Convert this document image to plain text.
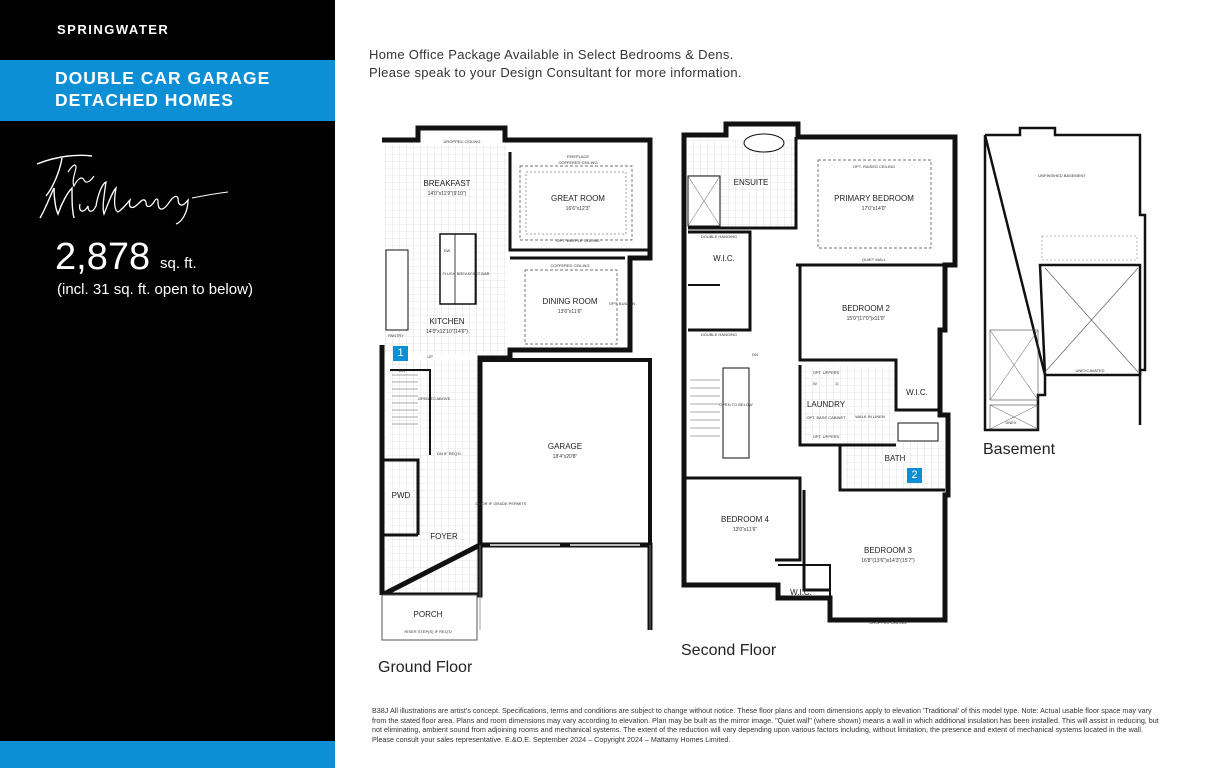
SPRINGWATER
DOUBLE CAR GARAGE
DETACHED HOMES
2,878 sq. ft.
(incl. 31 sq. ft. open to below)
Home Office Package Available in Select Bedrooms & Dens.
Please speak to your Design Consultant for more information.
BREAKFAST
14'0"x11'9"(9'10")	GREAT ROOM
16'6"x12'3"
DINING ROOM
13'6"x11'6"
KITCHEN
14'0"x12'10"(14'6")
GARAGE
18'4"x20'8"
PWD
FOYER
PORCH
DROPPED CEILING
FIREPLACE
COFFERED CEILING
OPT. WAFFLE CEILING
COFFERED CEILING
OPT. BUILT-IN
FLUSH BREAKFAST BAR
DW
PANTRY
UP
DN
OPEN TO ABOVE
DN IF REQ'D
DOOR IF GRADE PERMITS
RISER STEP(S) IF REQ'D
1
ENSUITE
PRIMARY BEDROOM
17'0"x14'0"
W.I.C.
BEDROOM 2
15'0"(17'0")x11'0"
LAUNDRY
W.I.C.
BATH
BEDROOM 4
13'0"x11'6"
BEDROOM 3
16'8"(13'6")x14'3"(15'7")
W.I.C.
OPT. RAISED CEILING
QUIET WALL
DOUBLE HANGING
DOUBLE HANGING
OPEN TO BELOW
OPT. UPPERS
OPT. BASE CABINET
OPT. UPPERS
WALK-IN LINEN
DROPPED CEILING
W	D
DN
2
UNFINISHED BASEMENT
UNEXCAVATED
UNEX
Ground Floor
Second Floor
Basement
B38J All illustrations are artist's concept. Specifications, terms and conditions are subject to change without notice. These floor plans and room dimensions apply to elevation 'Traditional' of this model type. Note: Actual usable floor space may vary from the stated floor area. Plans and room dimensions may vary according to elevation. Plan may be built as the mirror image. "Quiet wall" (where shown) means a wall in which additional insulation has been installed. This will assist in reducing, but not eliminating, ambient sound from adjoining rooms and mechanical systems. The extent of the reduction will vary depending upon various factors including, without limitation, the presence and extent of mechanical systems located in the wall. Please consult your sales representative. E.&O.E. September 2024 – Copyright 2024 – Mattamy Homes Limited.
